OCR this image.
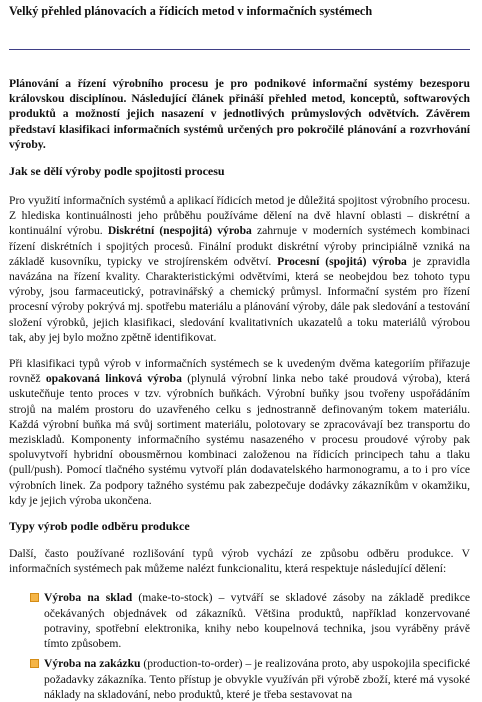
Velký přehled plánovacích a řídicích metod v informačních systémech

Plánování a řízení výrobního procesu je pro podnikové informační systémy bezesporu královskou disciplínou. Následující článek přináší přehled metod, konceptů, softwarových produktů a možností jejich nasazení v jednotlivých průmyslových odvětvích. Závěrem představí klasifikaci informačních systémů určených pro pokročilé plánování a rozvrhování výroby.

Jak se dělí výroby podle spojitosti procesu

Pro využití informačních systémů a aplikací řídicích metod je důležitá spojitost výrobního procesu. Z hlediska kontinuálnosti jeho průběhu používáme dělení na dvě hlavní oblasti – diskrétní a kontinuální výrobu. Diskrétní (nespojitá) výroba zahrnuje v moderních systémech kombinaci řízení diskrétních i spojitých procesů. Finální produkt diskrétní výroby principiálně vzniká na základě kusovníku, typicky ve strojírenském odvětví. Procesní (spojitá) výroba je zpravidla navázána na řízení kvality. Charakteristickými odvětvími, která se neobejdou bez tohoto typu výroby, jsou farmaceutický, potravinářský a chemický průmysl. Informační systém pro řízení procesní výroby pokrývá mj. spotřebu materiálu a plánování výroby, dále pak sledování a testování složení výrobků, jejich klasifikaci, sledování kvalitativních ukazatelů a toku materiálů výrobou tak, aby jej bylo možno zpětně identifikovat.

Při klasifikaci typů výrob v informačních systémech se k uvedeným dvěma kategoriím přiřazuje rovněž opakovaná linková výroba (plynulá výrobní linka nebo také proudová výroba), která uskutečňuje tento proces v tzv. výrobních buňkách. Výrobní buňky jsou tvořeny uspořádáním strojů na malém prostoru do uzavřeného celku s jednostranně definovaným tokem materiálu. Každá výrobní buňka má svůj sortiment materiálu, polotovary se zpracovávají bez transportu do meziskladů. Komponenty informačního systému nasazeného v procesu proudové výroby pak spoluvytvoří hybridní obousměrnou kombinaci založenou na řídicích principech tahu a tlaku (pull/push). Pomocí tlačného systému vytvoří plán dodavatelského harmonogramu, a to i pro více výrobních linek. Za podpory tažného systému pak zabezpečuje dodávky zákazníkům v okamžiku, kdy je jejich výroba ukončena.

Typy výrob podle odběru produkce

Další, často používané rozlišování typů výrob vychází ze způsobu odběru produkce. V informačních systémech pak můžeme nalézt funkcionalitu, která respektuje následující dělení:

Výroba na sklad (make-to-stock) – vytváří se skladové zásoby na základě predikce očekávaných objednávek od zákazníků. Většina produktů, například konzervované potraviny, spotřební elektronika, knihy nebo koupelnová technika, jsou vyráběny právě tímto způsobem.
Výroba na zakázku (production-to-order) – je realizována proto, aby uspokojila specifické požadavky zákazníka. Tento přístup je obvykle využíván při výrobě zboží, které má vysoké náklady na skladování, nebo produktů, které je třeba sestavovat na
